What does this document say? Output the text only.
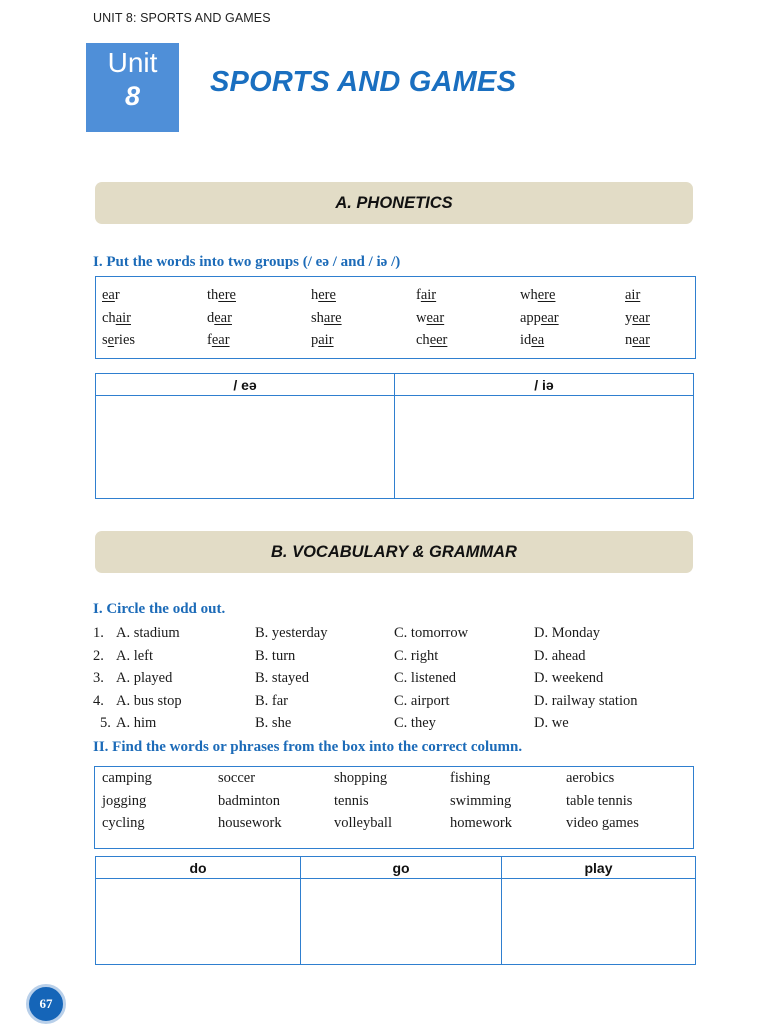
UNIT 8: SPORTS AND GAMES
Unit
8	SPORTS AND GAMES
A. PHONETICS
I. Put the words into two groups (/ eə / and / iə /)
ear	there	here	fair	where	air
chair	dear	share	wear	appear	year
series	fear	pair	cheer	idea	near
/ eə	/ iə

B. VOCABULARY & GRAMMAR
I. Circle the odd out.
1. A. stadium	B. yesterday	C. tomorrow	D. Monday
2. A. left	B. turn	C. right	D. ahead
3. A. played	B. stayed	C. listened	D. weekend
4. A. bus stop	B. far	C. airport	D. railway station
5. A. him	B. she	C. they	D. we
II. Find the words or phrases from the box into the correct column.
camping	soccer	shopping	fishing	aerobics
jogging	badminton	tennis	swimming	table tennis
cycling	housework	volleyball	homework	video games
do	go	play

67
